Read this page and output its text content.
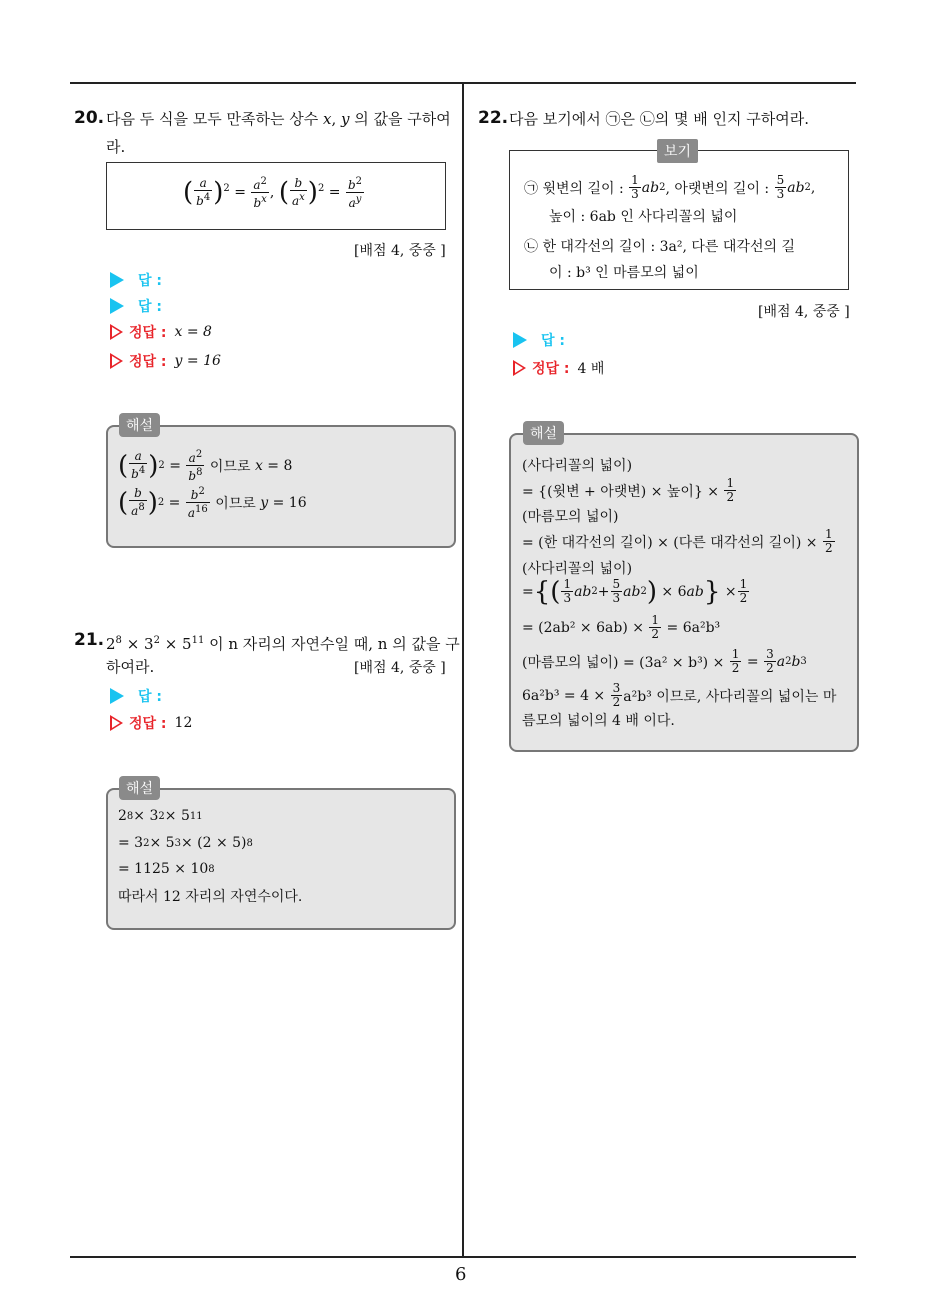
6
20. 다음 두 식을 모두 만족하는 상수 x, y 의 값을 구하여
라.
( $\frac{a}{b^4} )^2 = \frac{a^2}{b^x}$ , ( $\frac{b}{a^x} )^2 = \frac{b^2}{a^y}$
[배점 4, 중중 ]
답 :
답 :
정답 : x = 8
정답 : y = 16
해설
( $\frac{a}{b^4}$ ) $2 = \frac{a^2}{b^8}$
이므로
x = 8
( $\frac{b}{a^8}$ ) $2 = \frac{b^2}{a^{16}}$
이므로
y = 16
21. $2^8 \times 3^2 \times 5^{11}$ 이 n 자리의 자연수일 때, n 의 값을 구
하여라.	[배점 4, 중중 ]
답 :
정답 : 12
해설
2 8 × 3 2 × 5 11
= 3 2 × 5 3 × (2 × 5) 8
= 1125 × 10 8
따라서 12 자리의 자연수이다.
22. 다음 보기에서 ㉠은 ㉡의 몇 배 인지 구하여라.
보기
㉠ 윗변의 길이 :
$\frac{1}{3}$ ab 2 , 아랫변의 길이 :
$\frac{5}{3}$ ab 2 ,
높이 : 6ab 인 사다리꼴의 넓이
㉡ 한 대각선의 길이 : 3a², 다른 대각선의 길
이 : b³ 인 마름모의 넓이
[배점 4, 중중 ]
답 :
정답 : 4 배
해설
(사다리꼴의 넓이)
= {(윗변 + 아랫변) × 높이} ×
$\frac{1}{2}$
(마름모의 넓이)
= (한 대각선의 길이) × (다른 대각선의 길이) ×
$\frac{1}{2}$
(사다리꼴의 넓이)
= { ( $\frac{1}{3}$ ab $2 + \frac{5}{3}$ ab 2 ) × 6 ab } × $\frac{1}{2}$
= (2ab² × 6ab) ×
$\frac{1}{2}$
= 6a²b³
(마름모의 넓이) = (3a² × b³) ×
$\frac{1}{2} = \frac{3}{2}$ a 2 b 3
6a²b³ = 4 ×
$\frac{3}{2} a^2b^3$ 이므로, 사다리꼴의 넓이는 마
름모의 넓이의 4 배 이다.
